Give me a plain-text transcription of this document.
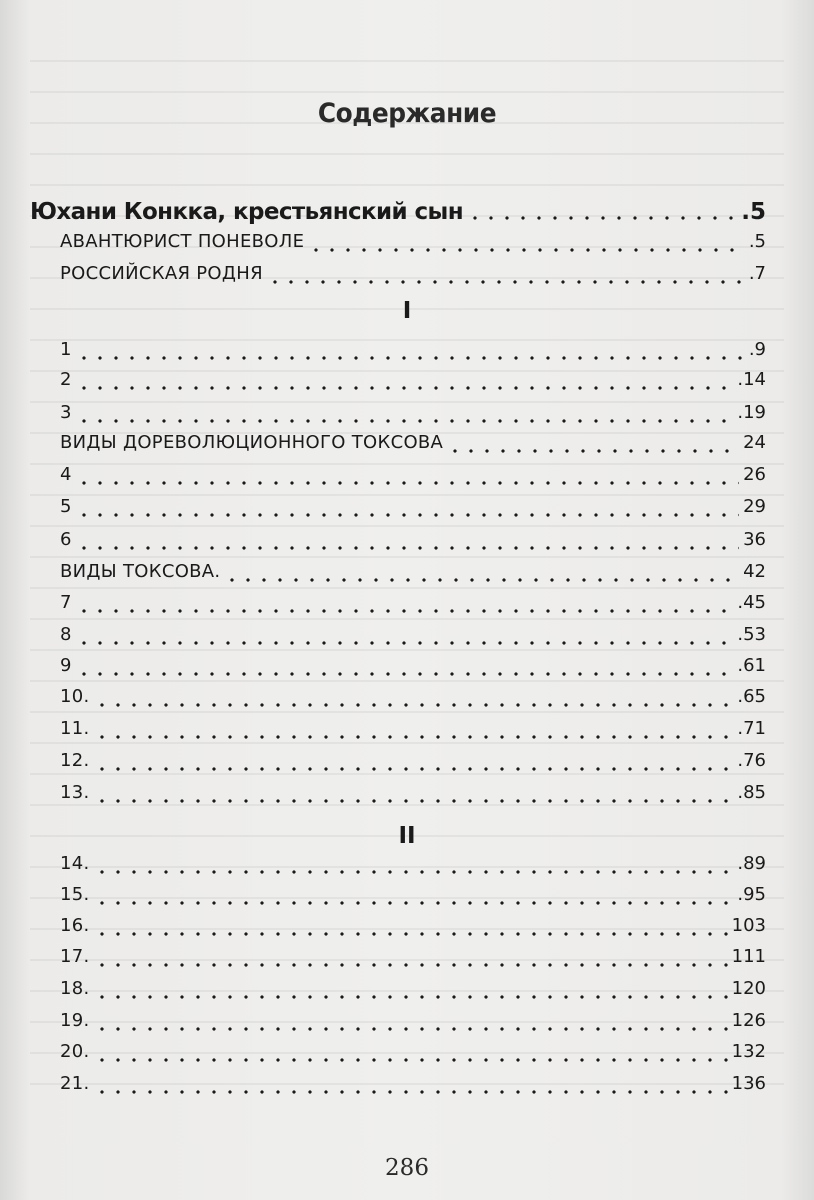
Содержание
Юхани Конкка, крестьянский сын	.5
АВАНТЮРИСТ ПОНЕВОЛЕ	.5
РОССИЙСКАЯ РОДНЯ	.7
I
1	.9
2	.14
3	.19
ВИДЫ ДОРЕВОЛЮЦИОННОГО ТОКСОВА	24
4	26
5	29
6	36
ВИДЫ ТОКСОВА.	42
7	.45
8	.53
9	.61
10.	.65
11.	.71
12.	.76
13.	.85
II
14.	.89
15.	.95
16.	103
17.	111
18.	120
19.	126
20.	132
21.	136
286
